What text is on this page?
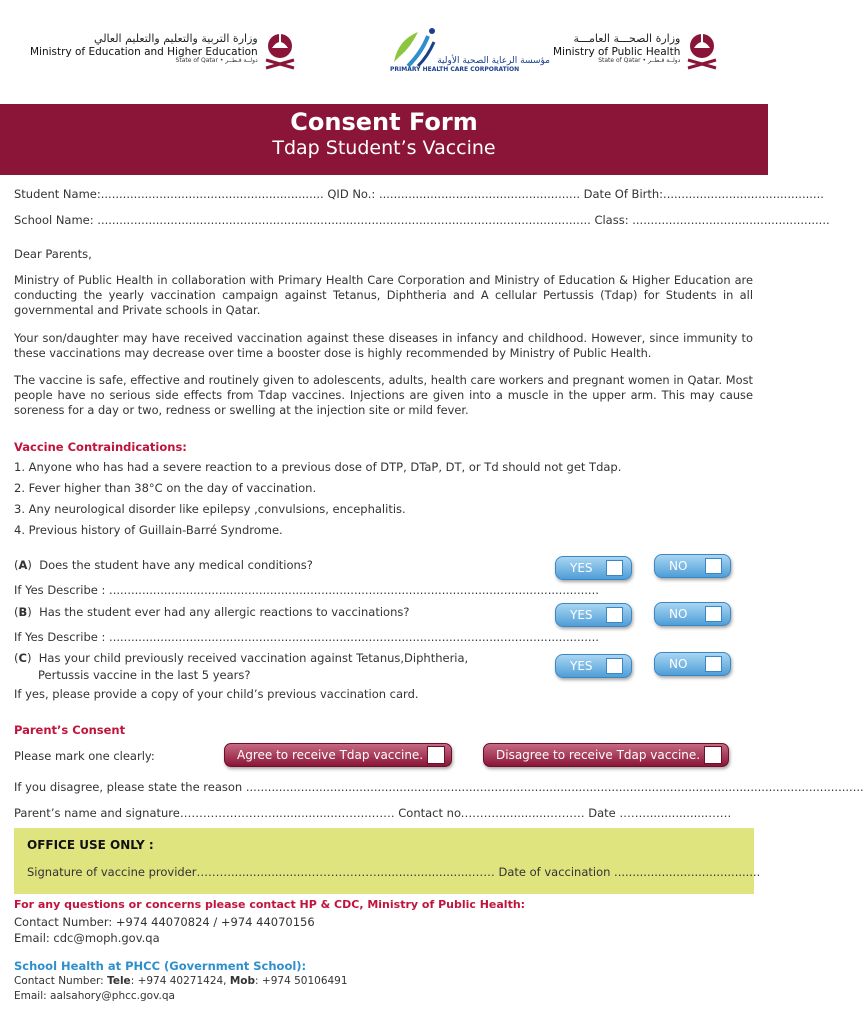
وزارة التربية والتعليم والتعليم العالي
Ministry of Education and Higher Education
State of Qatar • دولــة قـطــر	مؤسسة الرعاية الصحية الأولية
PRIMARY HEALTH CARE CORPORATION
وزارة الصحـــة العامـــة
Ministry of Public Health
State of Qatar • دولــة قـطــر
Consent Form
Tdap Student’s Vaccine
Student Name:............................................................. QID No.: ....................................................... Date Of Birth:............................................
School Name: ....................................................................................................................................... Class: ......................................................
Dear Parents,
Ministry of Public Health in collaboration with Primary Health Care Corporation and Ministry of Education & Higher Education are conducting the yearly vaccination campaign against Tetanus, Diphtheria and A cellular Pertussis (Tdap) for Students in all governmental and Private schools in Qatar.
Your son/daughter may have received vaccination against these diseases in infancy and childhood. However, since immunity to these vaccinations may decrease over time a booster dose is highly recommended by Ministry of Public Health.
The vaccine is safe, effective and routinely given to adolescents, adults, health care workers and pregnant women in Qatar. Most people have no serious side effects from Tdap vaccines. Injections are given into a muscle in the upper arm. This may cause soreness for a day or two, redness or swelling at the injection site or mild fever.
Vaccine Contraindications:
1. Anyone who has had a severe reaction to a previous dose of DTP, DTaP, DT, or Td should not get Tdap.
2. Fever higher than 38°C on the day of vaccination.
3. Any neurological disorder like epilepsy ,convulsions, encephalitis.
4. Previous history of Guillain-Barré Syndrome.
(A)  Does the student have any medical conditions?	YES	NO
If Yes Describe : ......................................................................................................................................
(B)  Has the student ever had any allergic reactions to vaccinations?	YES	NO
If Yes Describe : ......................................................................................................................................
(C)  Has your child previously received vaccination against Tetanus,Diphtheria,
Pertussis vaccine in the last 5 years?
YES	NO
If yes, please provide a copy of your child’s previous vaccination card.
Parent’s Consent
Please mark one clearly:	Agree to receive Tdap vaccine.	Disagree to receive Tdap vaccine.
If you disagree, please state the reason .........................................................................................................................................................................
Parent’s name and signature……………………..................……...…… Contact no.………..............……… Date ……..................……
OFFICE USE ONLY :
Signature of vaccine provider……….....................………………..........................…… Date of vaccination ........................................
For any questions or concerns please contact HP & CDC, Ministry of Public Health:
Contact Number: +974 44070824 / +974 44070156
Email: cdc@moph.gov.qa
School Health at PHCC (Government School):
Contact Number: Tele: +974 40271424, Mob: +974 50106491
Email: aalsahory@phcc.gov.qa
